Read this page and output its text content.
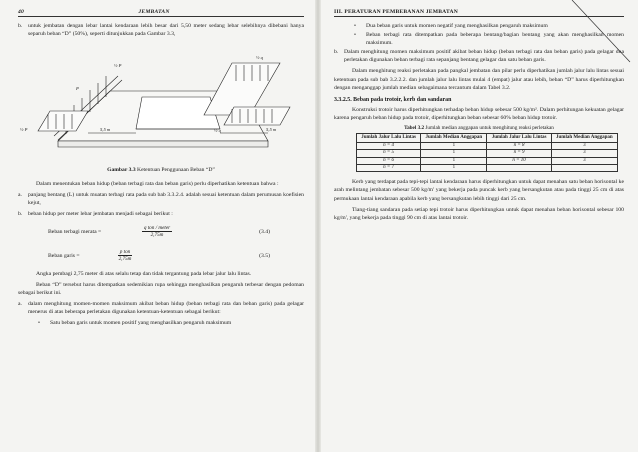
40	JEMBATAN
b.	untuk jembatan dengan lebar lantai kendaraan lebih besar dari 5,50 meter sedang lebar selebihnya dibebani hanya separuh beban “D” (50%), seperti ditunjukkan pada Gambar 3.3,
½ P
½ P
P
5,5 m	½ q	5,5 m
½ q
Gambar 3.3 Ketentuan Penggunaan Beban “D”

Dalam menentukan beban hidup (beban terbagi rata dan beban garis) perlu diperhatikan ketentuan bahwa :

a.	panjang bentang (L) untuk muatan terbagi rata pada sub bab 3.3.2.4. adalah sesuai ketentuan dalam perumusan koefisien kejut,
b.	beban hidup per meter lebar jembatan menjadi sebagai berikut :
Beban terbagi merata =	$\frac{\text{q ton / meter}}{2,75m}$	(3.4)
Beban garis =	$\frac{\text{p ton}}{2,75m}$	(3.5)

Angka pembagi 2,75 meter di atas selalu tetap dan tidak tergantung pada lebar jalur lalu lintas.

Beban “D” tersebut harus ditempatkan sedemikian rupa sehingga menghasilkan pengaruh terbesar dengan pedoman sebagai berikut ini.

a.	dalam menghitung momen-momen maksimum akibat beban hidup (beban terbagi rata dan beban garis) pada gelagar menerus di atas beberapa perletakan digunakan ketentuan-ketentuan sebagai berikut:
•	Satu beban garis untuk momen positif yang menghasilkan pengaruh maksimum
III. PERATURAN PEMBEBANAN JEMBATAN
•	Dua beban garis untuk momen negatif yang menghasilkan pengaruh maksimum
•	Beban terbagi rata ditempatkan pada beberapa bentang/bagian bentang yang akan menghasilkan momen maksimum.
b.	Dalam menghitung momen maksimum positif akibat beban hidup (beban terbagi rata dan beban garis) pada gelagar dua perletakan digunakan beban terbagi rata sepanjang bentang gelagar dan satu beban garis.

Dalam menghitung reaksi perletakan pada pangkal jembatan dan pilar perlu diperhatikan jumlah jalur lalu lintas sesuai ketentuan pada sub bab 3.2.2.2. dan jumlah jalur lalu lintas mulai 4 (empat) jalur atau lebih, beban “D” harus diperhitungkan dengan menganggap jumlah median sebagaimana tercantum dalam Tabel 3.2.

3.3.2.5. Beban pada trotoir, kerb dan sandaran

Konstruksi trotoir harus diperhitungkan terhadap beban hidup sebesar 500 kg/m². Dalam perhitungan kekuatan gelagar karena pengaruh beban hidup pada trotoir, diperhitungkan beban sebesar 60% beban hidup trotoir.

Tabel 3.2 Jumlah median anggapan untuk menghitung reaksi perletakan
Jumlah Jalur Lalu Lintas	Jumlah Median Anggapan	Jumlah Jalur Lalu Lintas	Jumlah Median Anggapan
n = 4	1	n = 8	3
n = 5	1	n = 9	3
n = 6	1	n = 10	3
n = 7	1		

Kerb yang terdapat pada tepi-tepi lantai kendaraan harus diperhitungkan untuk dapat menahan satu beban horisontal ke arah melintang jembatan sebesar 500 kg/m' yang bekerja pada puncak kerb yang bersangkutan atau pada tinggi 25 cm di atas permukaan lantai kendaraan apabila kerb yang bersangkutan lebih tinggi dari 25 cm.

Tiang-tiang sandaran pada setiap tepi trotoir harus diperhitungkan untuk dapat menahan beban horisontal sebesar 100 kg/m', yang bekerja pada tinggi 90 cm di atas lantai trotoir.
